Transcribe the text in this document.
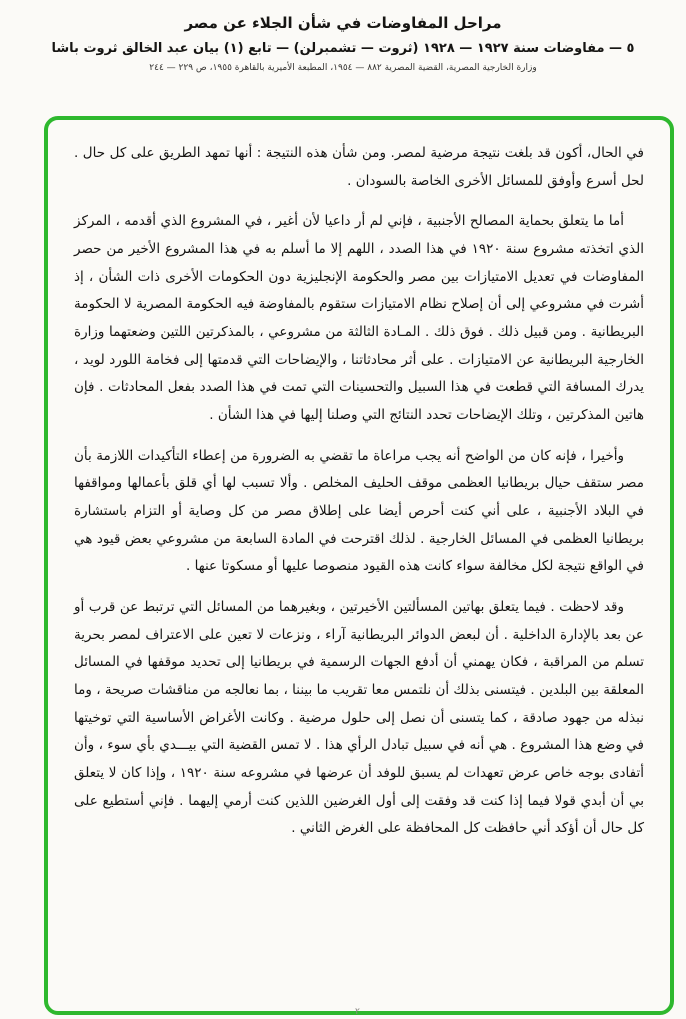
مراحل المفاوضات في شأن الجلاء عن مصر
٥ — مفاوضات سنة ١٩٢٧ — ١٩٢٨ (ثروت — تشمبرلن) — تابع (١) بيان عبد الخالق ثروت باشا
وزارة الخارجية المصرية، القضية المصرية ٨٨٢ — ١٩٥٤، المطبعة الأميرية بالقاهرة ١٩٥٥، ص ٢٢٩ — ٢٤٤

في الحال، أكون قد بلغت نتيجة مرضية لمصر. ومن شأن هذه النتيجة : أنها تمهد الطريق على كل حال . لحل أسرع وأوفق للمسائل الأخرى الخاصة بالسودان .

أما ما يتعلق بحماية المصالح الأجنبية ، فإني لم أر داعيا لأن أغير ، في المشروع الذي أقدمه ، المركز الذي اتخذته مشروع سنة ١٩٢٠ في هذا الصدد ، اللهم إلا ما أسلم به في هذا المشروع الأخير من حصر المفاوضات في تعديل الامتيازات بين مصر والحكومة الإنجليزية دون الحكومات الأخرى ذات الشأن ، إذ أشرت في مشروعي إلى أن إصلاح نظام الامتيازات ستقوم بالمفاوضة فيه الحكومة المصرية لا الحكومة البريطانية . ومن قبيل ذلك . فوق ذلك . المـادة الثالثة من مشروعي ، بالمذكرتين اللتين وضعتهما وزارة الخارجية البريطانية عن الامتيازات . على أثر محادثاتنا ، والإيضاحات التي قدمتها إلى فخامة اللورد لويد ، يدرك المسافة التي قطعت في هذا السبيل والتحسينات التي تمت في هذا الصدد بفعل المحادثات . فإن هاتين المذكرتين ، وتلك الإيضاحات تحدد النتائج التي وصلنا إليها في هذا الشأن .

وأخيرا ، فإنه كان من الواضح أنه يجب مراعاة ما تقضي به الضرورة من إعطاء التأكيدات اللازمة بأن مصر ستقف حيال بريطانيا العظمى موقف الحليف المخلص . وألا تسبب لها أي قلق بأعمالها ومواقفها في البلاد الأجنبية ، على أني كنت أحرص أيضا على إطلاق مصر من كل وصاية أو التزام باستشارة بريطانيا العظمى في المسائل الخارجية . لذلك اقترحت في المادة السابعة من مشروعي بعض قيود هي في الواقع نتيجة لكل مخالفة سواء كانت هذه القيود منصوصا عليها أو مسكوتا عنها .

وقد لاحظت . فيما يتعلق بهاتين المسألتين الأخيرتين ، وبغيرهما من المسائل التي ترتبط عن قرب أو عن بعد بالإدارة الداخلية . أن لبعض الدوائر البريطانية آراء ، ونزعات لا تعين على الاعتراف لمصر بحرية تسلم من المراقبة ، فكان يهمني أن أدفع الجهات الرسمية في بريطانيا إلى تحديد موقفها في المسائل المعلقة بين البلدين . فيتسنى بذلك أن نلتمس معا تقريب ما بيننا ، بما نعالجه من مناقشات صريحة ، وما نبذله من جهود صادقة ، كما يتسنى أن نصل إلى حلول مرضية . وكانت الأغراض الأساسية التي توخيتها في وضع هذا المشروع . هي أنه في سبيل تبادل الرأي هذا . لا تمس القضية التي بيـــدي بأي سوء ، وأن أتفادى بوجه خاص عرض تعهدات لم يسبق للوفد أن عرضها في مشروعه سنة ١٩٢٠ ، وإذا كان لا يتعلق بي أن أبدي قولا فيما إذا كنت قد وفقت إلى أول الغرضين اللذين كنت أرمي إليهما . فإني أستطيع على كل حال أن أؤكد أني حافظت كل المحافظة على الغرض الثاني .

٢
